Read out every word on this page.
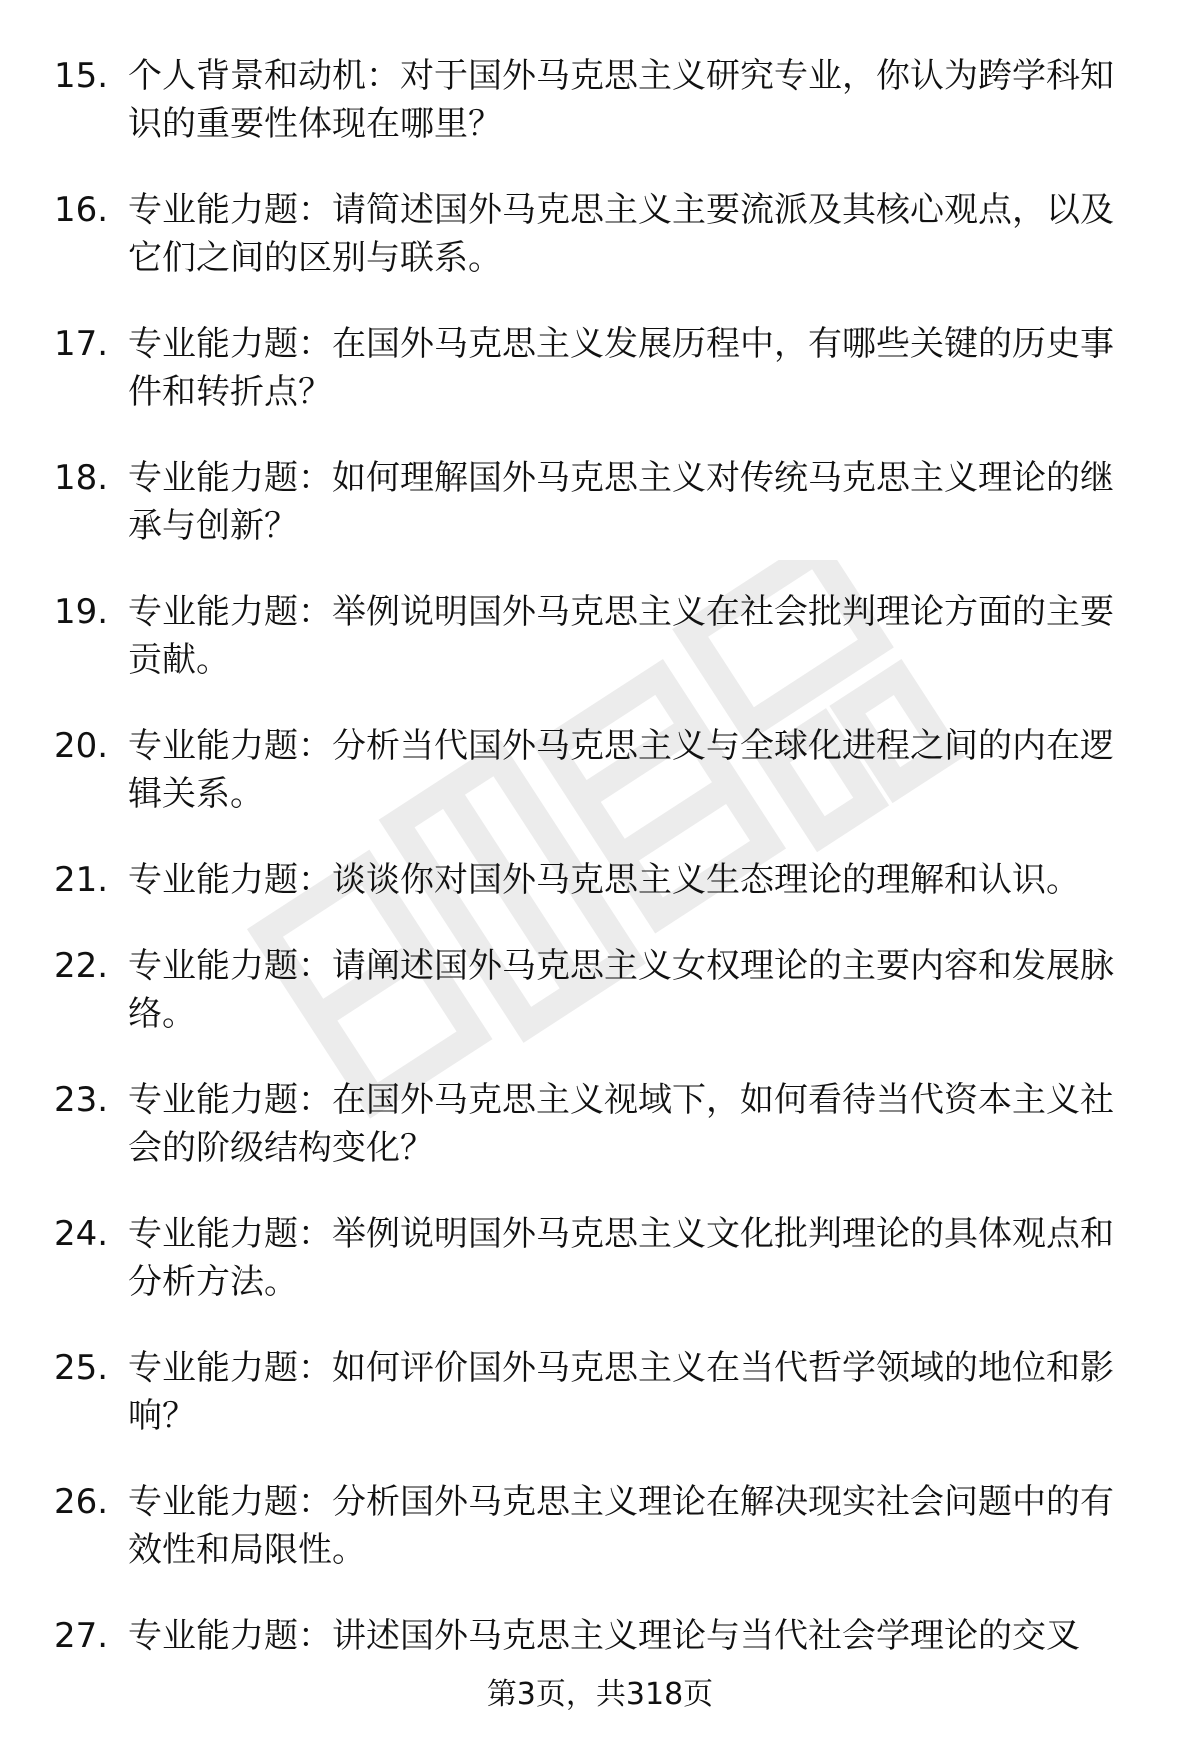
15. 个人背景和动机：对于国外马克思主义研究专业，你认为跨学科知识的重要性体现在哪里？
16. 专业能力题：请简述国外马克思主义主要流派及其核心观点，以及它们之间的区别与联系。
17. 专业能力题：在国外马克思主义发展历程中，有哪些关键的历史事件和转折点？
18. 专业能力题：如何理解国外马克思主义对传统马克思主义理论的继承与创新？
19. 专业能力题：举例说明国外马克思主义在社会批判理论方面的主要贡献。
20. 专业能力题：分析当代国外马克思主义与全球化进程之间的内在逻辑关系。
21. 专业能力题：谈谈你对国外马克思主义生态理论的理解和认识。
22. 专业能力题：请阐述国外马克思主义女权理论的主要内容和发展脉络。
23. 专业能力题：在国外马克思主义视域下，如何看待当代资本主义社会的阶级结构变化？
24. 专业能力题：举例说明国外马克思主义文化批判理论的具体观点和分析方法。
25. 专业能力题：如何评价国外马克思主义在当代哲学领域的地位和影响？
26. 专业能力题：分析国外马克思主义理论在解决现实社会问题中的有效性和局限性。
27. 专业能力题：讲述国外马克思主义理论与当代社会学理论的交叉
第3页，共318页
